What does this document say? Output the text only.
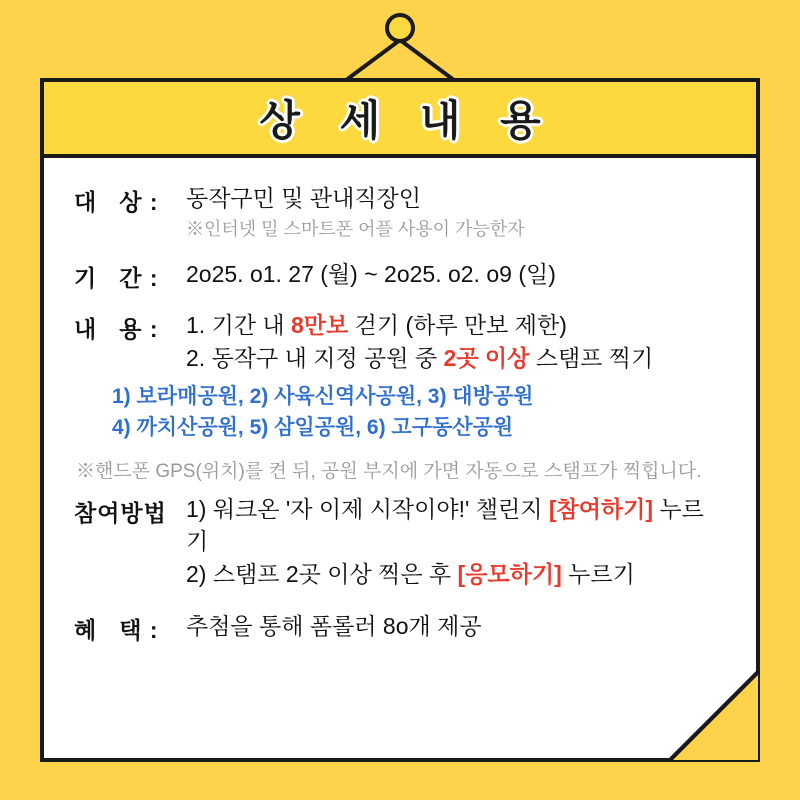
상 세 내 용
대 상 :	동작구민 및 관내직장인
※인터넷 밀 스마트폰 어플 사용이 가능한자
기 간 :	2o25. o1. 27 (월) ~ 2o25. o2. o9 (일)
내 용 :	1. 기간 내 8만보 걷기 (하루 만보 제한)
2. 동작구 내 지정 공원 중 2곳 이상 스탬프 찍기
1) 보라매공원, 2) 사육신역사공원, 3) 대방공원
4) 까치산공원, 5) 삼일공원, 6) 고구동산공원
※핸드폰 GPS(위치)를 켠 뒤, 공원 부지에 가면 자동으로 스탬프가 찍힙니다.
참여방법 1) 워크온 '자 이제 시작이야!' 챌린지 [참여하기] 누르기
2) 스탬프 2곳 이상 찍은 후 [응모하기] 누르기
혜 택 :	추첨을 통해 폼롤러 8o개 제공
